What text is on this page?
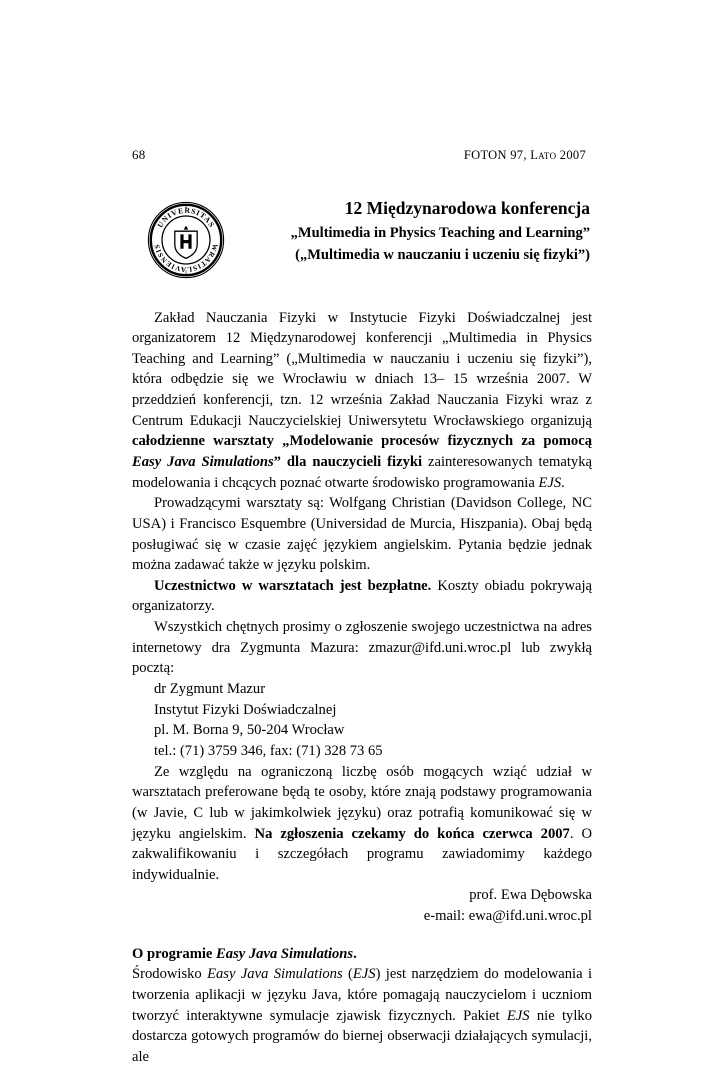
68	FOTON 97, Lato 2007
UNIVERSITAS
WRATISLAVIENSIS
12 Międzynarodowa konferencja
„Multimedia in Physics Teaching and Learning”
(„Multimedia w nauczaniu i uczeniu się fizyki”)

Zakład Nauczania Fizyki w Instytucie Fizyki Doświadczalnej jest organizatorem 12 Międzynarodowej konferencji „Multimedia in Physics Teaching and Learning” („Multimedia w nauczaniu i uczeniu się fizyki”), która odbędzie się we Wrocławiu w dniach 13– 15 września 2007. W przeddzień konferencji, tzn. 12 września Zakład Nauczania Fizyki wraz z Centrum Edukacji Nauczycielskiej Uniwersytetu Wrocławskiego organizują całodzienne warsztaty „Modelowanie procesów fizycznych za pomocą Easy Java Simulations” dla nauczycieli fizyki zainteresowanych tematyką modelowania i chcących poznać otwarte środowisko programowania EJS.

Prowadzącymi warsztaty są: Wolfgang Christian (Davidson College, NC USA) i Francisco Esquembre (Universidad de Murcia, Hiszpania). Obaj będą posługiwać się w czasie zajęć językiem angielskim. Pytania będzie jednak można zadawać także w języku polskim.

Uczestnictwo w warsztatach jest bezpłatne. Koszty obiadu pokrywają organizatorzy.

Wszystkich chętnych prosimy o zgłoszenie swojego uczestnictwa na adres internetowy dra Zygmunta Mazura: zmazur@ifd.uni.wroc.pl lub zwykłą pocztą:

dr Zygmunt Mazur

Instytut Fizyki Doświadczalnej

pl. M. Borna 9, 50-204 Wrocław

tel.: (71) 3759 346, fax: (71) 328 73 65

Ze względu na ograniczoną liczbę osób mogących wziąć udział w warsztatach preferowane będą te osoby, które znają podstawy programowania (w Javie, C lub w jakimkolwiek języku) oraz potrafią komunikować się w języku angielskim. Na zgłoszenia czekamy do końca czerwca 2007. O zakwalifikowaniu i szczegółach programu zawiadomimy każdego indywidualnie.

prof. Ewa Dębowska

e-mail: ewa@ifd.uni.wroc.pl

O programie Easy Java Simulations.

Środowisko Easy Java Simulations (EJS) jest narzędziem do modelowania i tworzenia aplikacji w języku Java, które pomagają nauczycielom i uczniom tworzyć interaktywne symulacje zjawisk fizycznych. Pakiet EJS nie tylko dostarcza gotowych programów do biernej obserwacji działających symulacji, ale
